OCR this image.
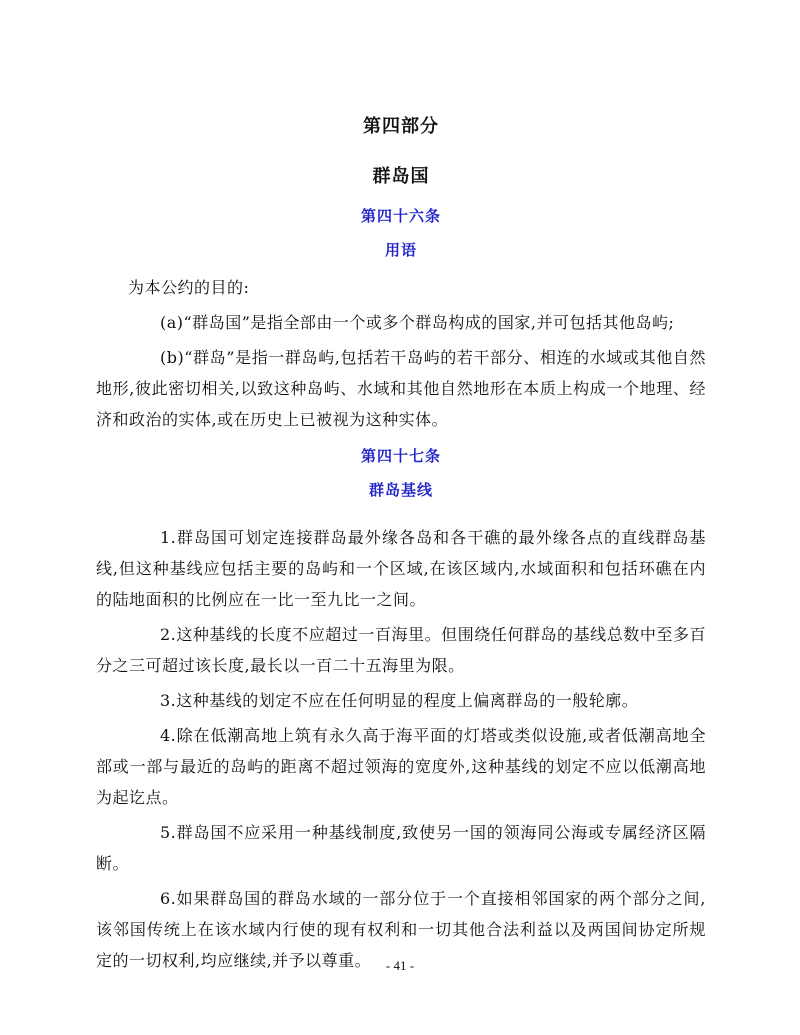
第四部分
群岛国
第四十六条
用语

为本公约的目的:

(a)“群岛国”是指全部由一个或多个群岛构成的国家,并可包括其他岛屿;

(b)“群岛”是指一群岛屿,包括若干岛屿的若干部分、相连的水域或其他自然地形,彼此密切相关,以致这种岛屿、水域和其他自然地形在本质上构成一个地理、经济和政治的实体,或在历史上已被视为这种实体。

第四十七条
群岛基线

1.群岛国可划定连接群岛最外缘各岛和各干礁的最外缘各点的直线群岛基线,但这种基线应包括主要的岛屿和一个区域,在该区域内,水域面积和包括环礁在内的陆地面积的比例应在一比一至九比一之间。

2.这种基线的长度不应超过一百海里。但围绕任何群岛的基线总数中至多百分之三可超过该长度,最长以一百二十五海里为限。

3.这种基线的划定不应在任何明显的程度上偏离群岛的一般轮廓。

4.除在低潮高地上筑有永久高于海平面的灯塔或类似设施,或者低潮高地全部或一部与最近的岛屿的距离不超过领海的宽度外,这种基线的划定不应以低潮高地为起讫点。

5.群岛国不应采用一种基线制度,致使另一国的领海同公海或专属经济区隔断。

6.如果群岛国的群岛水域的一部分位于一个直接相邻国家的两个部分之间,该邻国传统上在该水域内行使的现有权利和一切其他合法利益以及两国间协定所规定的一切权利,均应继续,并予以尊重。	- 41 -
